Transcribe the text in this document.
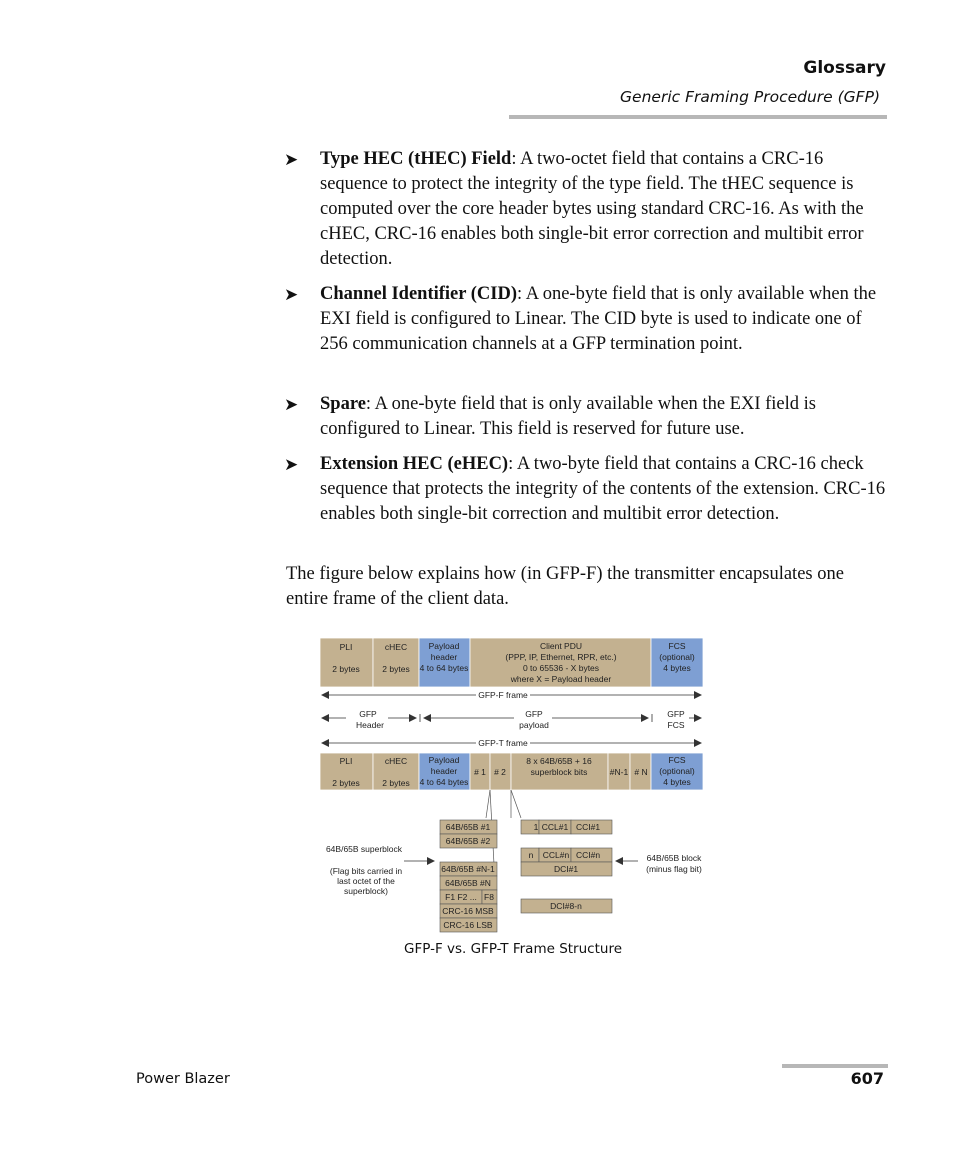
Glossary
Generic Framing Procedure (GFP)
➤ Type HEC (tHEC) Field: A two-octet field that contains a CRC-16 sequence to protect the integrity of the type field. The tHEC sequence is computed over the core header bytes using standard CRC-16. As with the cHEC, CRC-16 enables both single-bit error correction and multibit error detection.
➤ Channel Identifier (CID): A one-byte field that is only available when the EXI field is configured to Linear. The CID byte is used to indicate one of 256 communication channels at a GFP termination point.
➤ Spare: A one-byte field that is only available when the EXI field is configured to Linear. This field is reserved for future use.
➤ Extension HEC (eHEC): A two-byte field that contains a CRC-16 check sequence that protects the integrity of the contents of the extension. CRC-16 enables both single-bit correction and multibit error detection.
The figure below explains how (in GFP-F) the transmitter encapsulates one entire frame of the client data.
PLI
2 bytes
cHEC
2 bytes
Payload
header
4 to 64 bytes
Client PDU
(PPP, IP, Ethernet, RPR, etc.)
0 to 65536 - X bytes
where X = Payload header
FCS
(optional)
4 bytes
GFP-F frame
GFP
Header
GFP
payload
GFP
FCS
GFP-T frame
PLI
2 bytes
cHEC
2 bytes
Payload
header
4 to 64 bytes
# 1 # 2
8 x 64B/65B + 16
superblock bits	#N-1 # N
FCS
(optional)
4 bytes
64B/65B #1
64B/65B #2
64B/65B #N-1
64B/65B #N
F1 F2 ... F8
CRC-16 MSB
CRC-16 LSB
64B/65B superblock
(Flag bits carried in
last octet of the
superblock)
1 CCL#1 CCI#1
n CCL#n CCI#n
DCI#1
DCI#8-n
64B/65B block
(minus flag bit)
GFP-F vs. GFP-T Frame Structure
Power Blazer	607
